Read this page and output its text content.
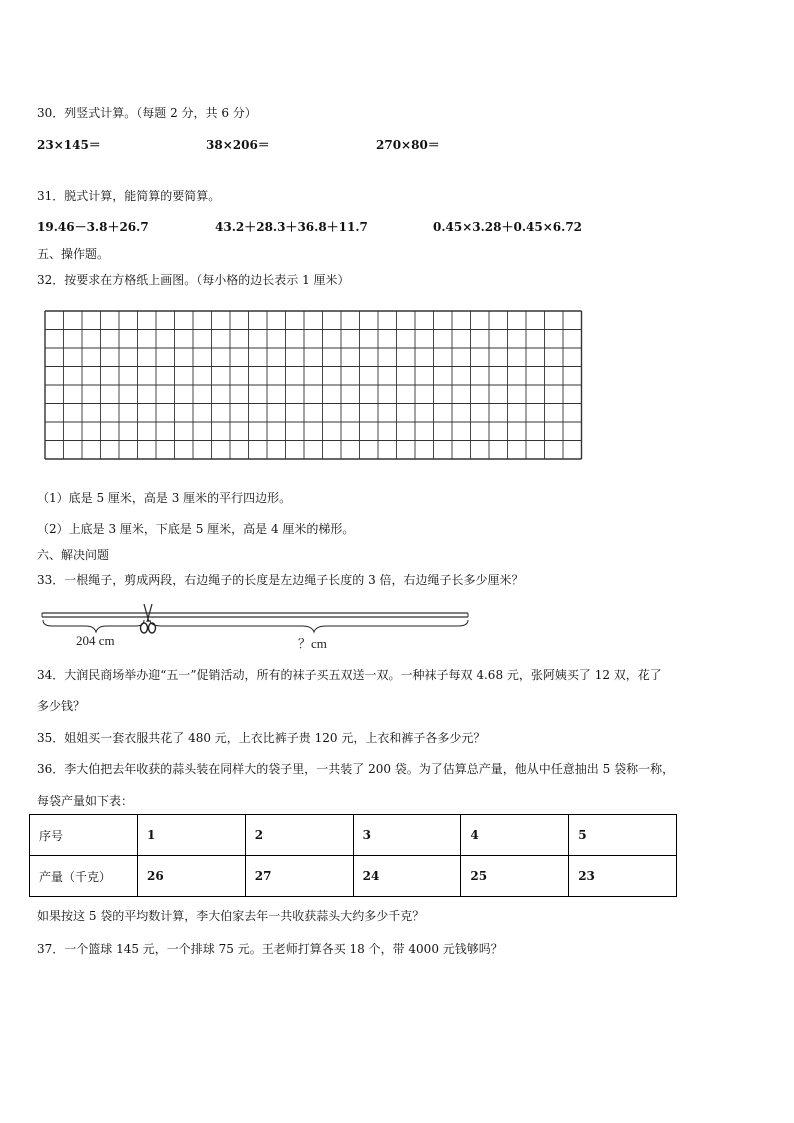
30．列竖式计算。（每题 2 分，共 6 分）
23×145＝	38×206＝	270×80＝
31．脱式计算，能简算的要简算。
19.46－3.8＋26.7	43.2＋28.3＋36.8＋11.7	0.45×3.28＋0.45×6.72
五、操作题。
32．按要求在方格纸上画图。（每小格的边长表示 1 厘米）
（1）底是 5 厘米，高是 3 厘米的平行四边形。
（2）上底是 3 厘米，下底是 5 厘米，高是 4 厘米的梯形。
六、解决问题
33．一根绳子，剪成两段，右边绳子的长度是左边绳子长度的 3 倍，右边绳子长多少厘米？
204 cm	？cm
34．大润民商场举办迎“五一”促销活动，所有的袜子买五双送一双。一种袜子每双 4.68 元，张阿姨买了 12 双，花了
多少钱？
35．姐姐买一套衣服共花了 480 元，上衣比裤子贵 120 元，上衣和裤子各多少元？
36．李大伯把去年收获的蒜头装在同样大的袋子里，一共装了 200 袋。为了估算总产量，他从中任意抽出 5 袋称一称，
每袋产量如下表：
序号	1	2	3	4	5
产量（千克）	26	27	24	25	23
如果按这 5 袋的平均数计算，李大伯家去年一共收获蒜头大约多少千克？
37．一个篮球 145 元，一个排球 75 元。王老师打算各买 18 个，带 4000 元钱够吗？
